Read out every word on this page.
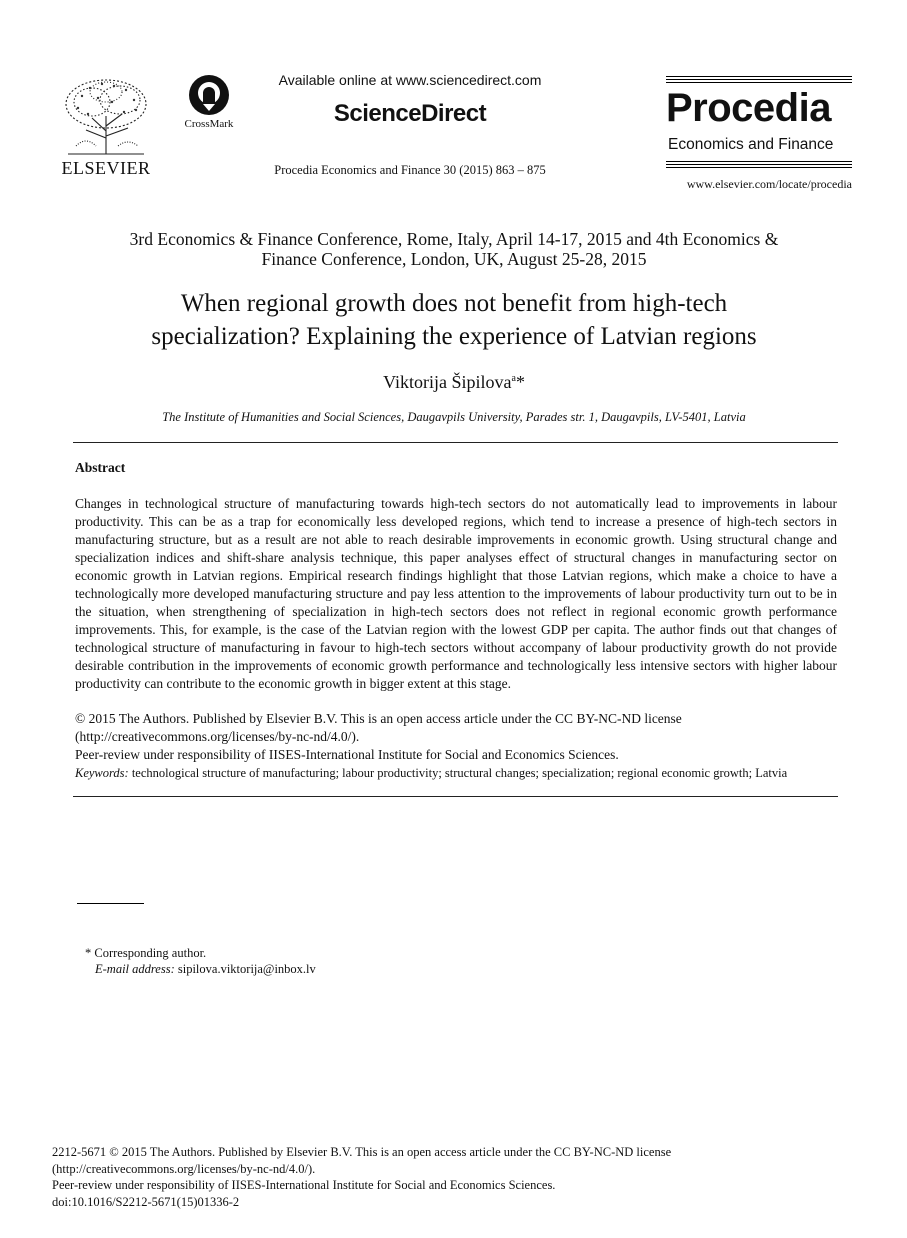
ELSEVIER
CrossMark
Available online at www.sciencedirect.com
ScienceDirect
Procedia Economics and Finance 30 (2015) 863 – 875
Procedia
Economics and Finance
www.elsevier.com/locate/procedia
3rd Economics & Finance Conference, Rome, Italy, April 14-17, 2015 and 4th Economics &
Finance Conference, London, UK, August 25-28, 2015
When regional growth does not benefit from high-tech
specialization? Explaining the experience of Latvian regions
Viktorija Šipilova$^a$*
The Institute of Humanities and Social Sciences, Daugavpils University, Parades str. 1, Daugavpils, LV-5401, Latvia
Abstract
Changes in technological structure of manufacturing towards high-tech sectors do not automatically lead to improvements in labour productivity. This can be as a trap for economically less developed regions, which tend to increase a presence of high-tech sectors in manufacturing structure, but as a result are not able to reach desirable improvements in economic growth. Using structural change and specialization indices and shift-share analysis technique, this paper analyses effect of structural changes in manufacturing sector on economic growth in Latvian regions. Empirical research findings highlight that those Latvian regions, which make a choice to have a technologically more developed manufacturing structure and pay less attention to the improvements of labour productivity turn out to be in the situation, when strengthening of specialization in high-tech sectors does not reflect in regional economic growth performance improvements. This, for example, is the case of the Latvian region with the lowest GDP per capita. The author finds out that changes of technological structure of manufacturing in favour to high-tech sectors without accompany of labour productivity growth do not provide desirable contribution in the improvements of economic growth performance and technologically less intensive sectors with higher labour productivity can contribute to the economic growth in bigger extent at this stage.
© 2015 The Authors. Published by Elsevier B.V. This is an open access article under the CC BY-NC-ND license
(http://creativecommons.org/licenses/by-nc-nd/4.0/).
Peer-review under responsibility of IISES-International Institute for Social and Economics Sciences.
Keywords: technological structure of manufacturing; labour productivity; structural changes; specialization; regional economic growth; Latvia
* Corresponding author.
E-mail address: sipilova.viktorija@inbox.lv
2212-5671 © 2015 The Authors. Published by Elsevier B.V. This is an open access article under the CC BY-NC-ND license
(http://creativecommons.org/licenses/by-nc-nd/4.0/).
Peer-review under responsibility of IISES-International Institute for Social and Economics Sciences.
doi:10.1016/S2212-5671(15)01336-2
